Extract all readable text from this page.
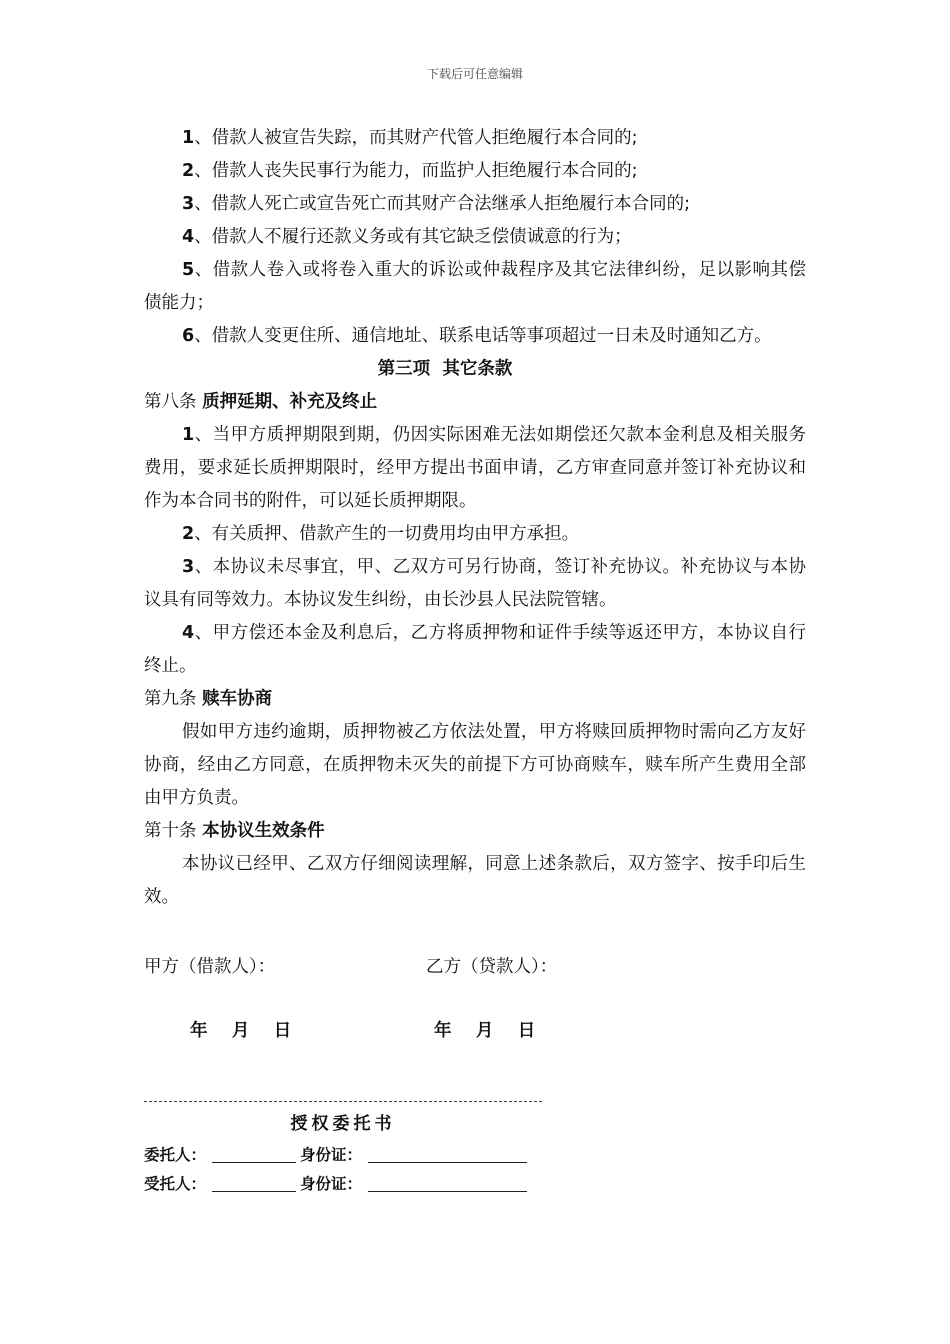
下载后可任意编辑

1、借款人被宣告失踪，而其财产代管人拒绝履行本合同的;

2、借款人丧失民事行为能力，而监护人拒绝履行本合同的;

3、借款人死亡或宣告死亡而其财产合法继承人拒绝履行本合同的;

4、借款人不履行还款义务或有其它缺乏偿债诚意的行为；

5、借款人卷入或将卷入重大的诉讼或仲裁程序及其它法律纠纷，足以影响其偿债能力；

6、借款人变更住所、通信地址、联系电话等事项超过一日未及时通知乙方。

第三项  其它条款

第八条 质押延期、补充及终止

1、当甲方质押期限到期，仍因实际困难无法如期偿还欠款本金利息及相关服务费用，要求延长质押期限时，经甲方提出书面申请，乙方审查同意并签订补充协议和作为本合同书的附件，可以延长质押期限。

2、有关质押、借款产生的一切费用均由甲方承担。

3、本协议未尽事宜，甲、乙双方可另行协商，签订补充协议。补充协议与本协议具有同等效力。本协议发生纠纷，由长沙县人民法院管辖。

4、甲方偿还本金及利息后，乙方将质押物和证件手续等返还甲方，本协议自行终止。

第九条 赎车协商

假如甲方违约逾期，质押物被乙方依法处置，甲方将赎回质押物时需向乙方友好协商，经由乙方同意，在质押物未灭失的前提下方可协商赎车，赎车所产生费用全部由甲方负责。

第十条 本协议生效条件

本协议已经甲、乙双方仔细阅读理解，同意上述条款后，双方签字、按手印后生效。

甲方（借款人）：	乙方（贷款人）：
年    月    日	年    月    日
授权委托书
委托人：	身份证：
受托人：	身份证：
